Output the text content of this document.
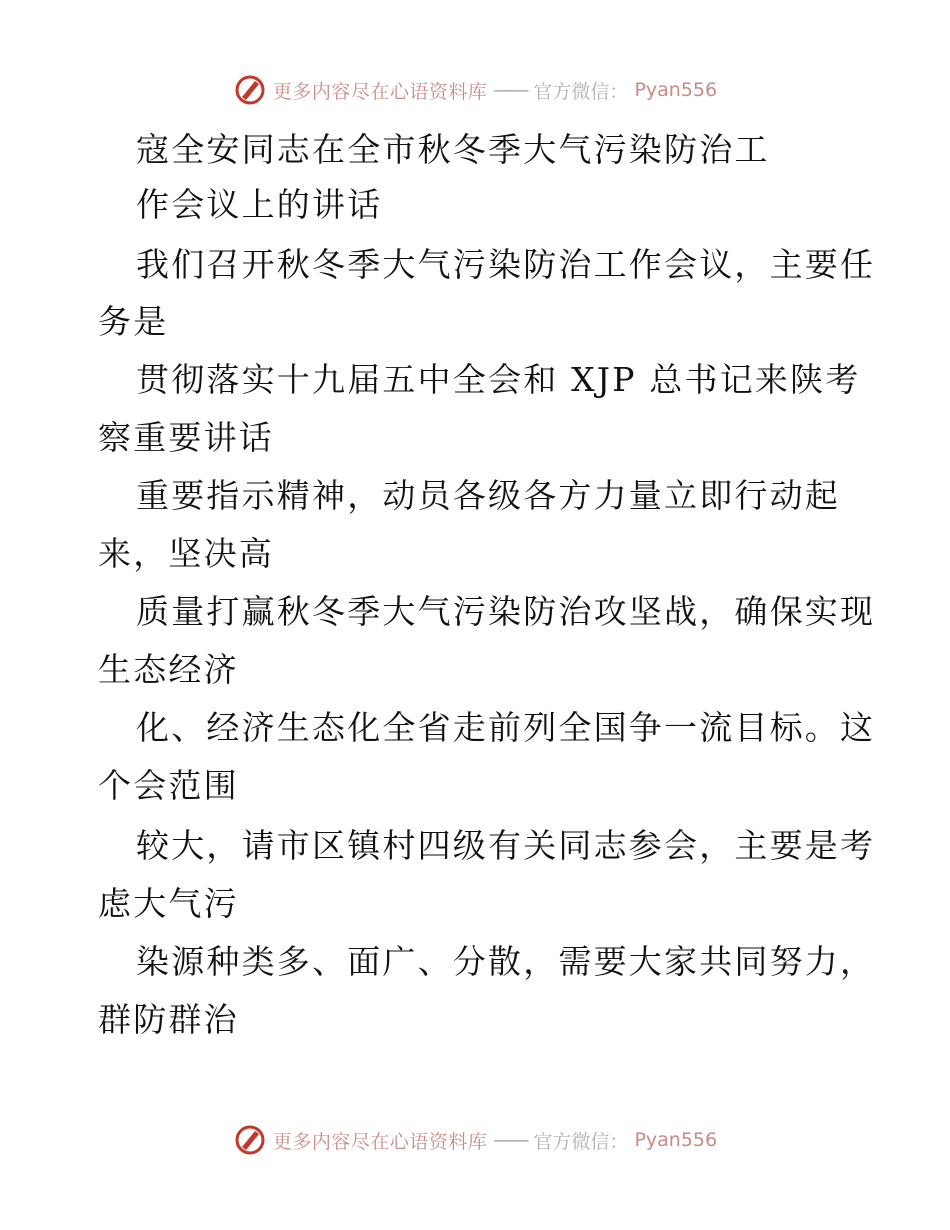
更多内容尽在心语资料库 —— 官方微信： Pyan556
寇全安同志在全市秋冬季大气污染防治工
作会议上的讲话
我们召开秋冬季大气污染防治工作会议，主要任
务是
贯彻落实十九届五中全会和 XJP 总书记来陕考
察重要讲话
重要指示精神，动员各级各方力量立即行动起
来，坚决高
质量打赢秋冬季大气污染防治攻坚战，确保实现
生态经济
化、经济生态化全省走前列全国争一流目标。这
个会范围
较大，请市区镇村四级有关同志参会，主要是考
虑大气污
染源种类多、面广、分散，需要大家共同努力，
群防群治
更多内容尽在心语资料库 —— 官方微信： Pyan556
